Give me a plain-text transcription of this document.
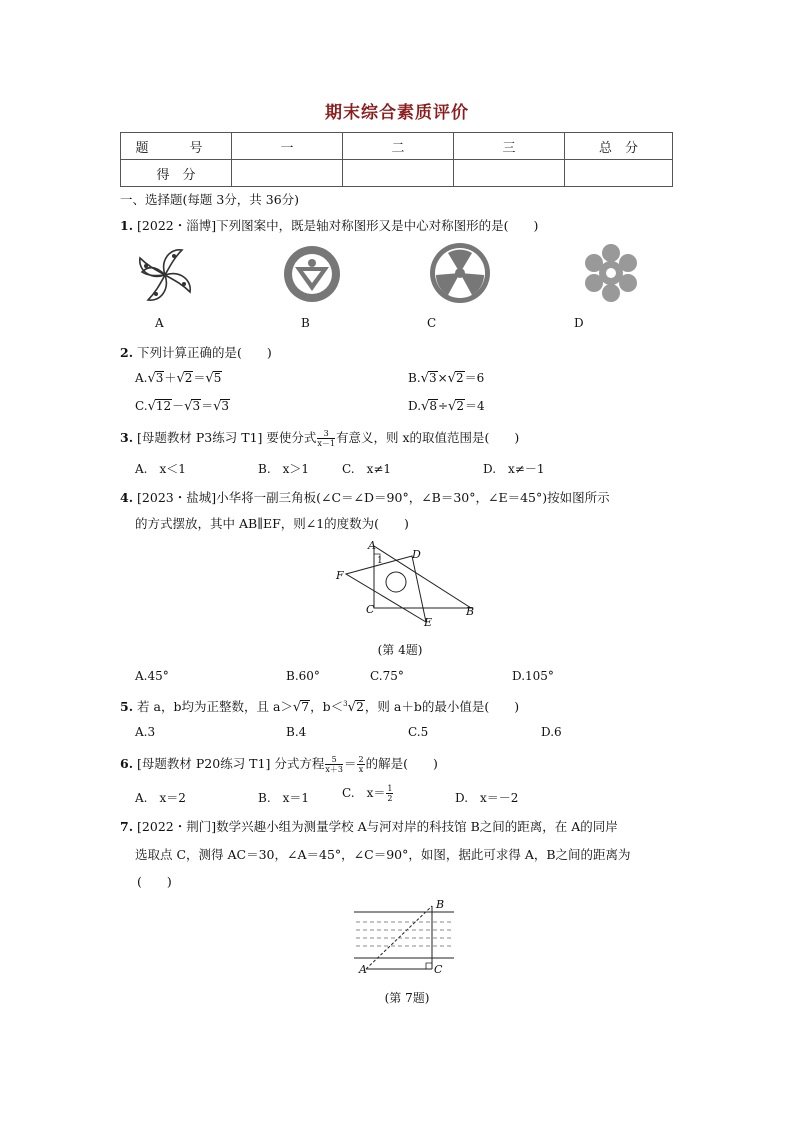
期末综合素质评价
题　号	一	二	三	总　分
得　分				
一、选择题(每题 3分，共 36分)
1. [2022・淄博]下列图案中，既是轴对称图形又是中心对称图形的是(　　)
A	B	C	D
2. 下列计算正确的是(　　)
A.√3＋√2＝√5	B.√3×√2＝6
C.√12－√3＝√3	D.√8÷√2＝4
3. [母题教材 P3练习 T1] 要使分式 $\frac{3}{x-1}$ 有意义，则 x的取值范围是(　　)
A.　x＜1	B.　x＞1	C.　x≠1	D.　x≠－1
4. [2023・盐城]小华将一副三角板(∠C＝∠D＝90°，∠B＝30°，∠E＝45°)按如图所示
的方式摆放，其中 AB∥EF，则∠1的度数为(　　)
A
D
F
C	B
E
1
(第 4题)
A.45°	B.60°	C.75°	D.105°
5. 若 a，b均为正整数，且 a＞√7，b＜$^3$√2，则 a＋b的最小值是(　　)
A.3	B.4	C.5	D.6
6. [母题教材 P20练习 T1] 分式方程 $\frac{5}{x+3} = \frac{2}{x}$ 的解是(　　)
A.　x＝2	B.　x＝1	C.　$x= \frac{1}{2}$	D.　x＝－2
7. [2022・荆门]数学兴趣小组为测量学校 A与河对岸的科技馆 B之间的距离，在 A的同岸
选取点 C，测得 AC＝30，∠A＝45°，∠C＝90°，如图，据此可求得 A，B之间的距离为
(　　)
B
A	C
(第 7题)
